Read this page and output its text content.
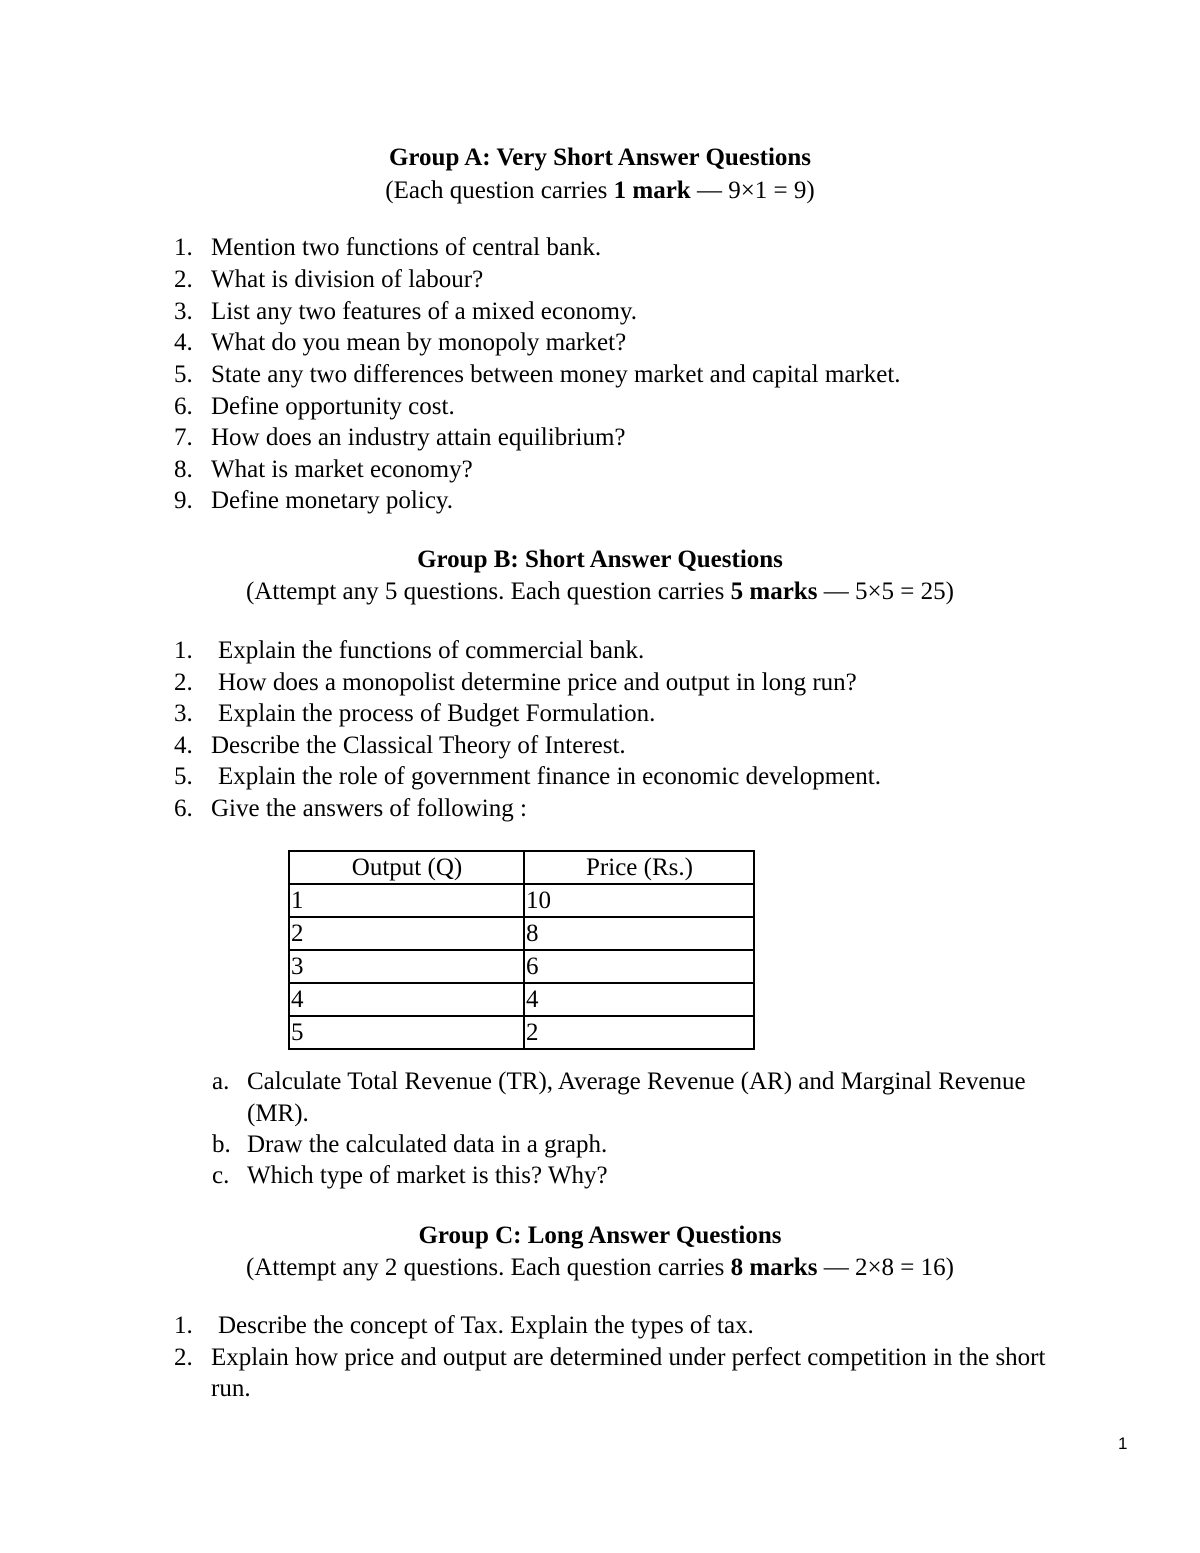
Group A: Very Short Answer Questions
(Each question carries 1 mark — 9×1 = 9)
1. Mention two functions of central bank.
2. What is division of labour?
3. List any two features of a mixed economy.
4. What do you mean by monopoly market?
5. State any two differences between money market and capital market.
6. Define opportunity cost.
7. How does an industry attain equilibrium?
8. What is market economy?
9. Define monetary policy.
Group B: Short Answer Questions
(Attempt any 5 questions. Each question carries 5 marks — 5×5 = 25)
1. Explain the functions of commercial bank.
2. How does a monopolist determine price and output in long run?
3. Explain the process of Budget Formulation.
4. Describe the Classical Theory of Interest.
5. Explain the role of government finance in economic development.
6. Give the answers of following :
Output (Q)	Price (Rs.)
1	10
2	8
3	6
4	4
5	2
a. Calculate Total Revenue (TR), Average Revenue (AR) and Marginal Revenue
(MR).
b. Draw the calculated data in a graph.
c. Which type of market is this? Why?
Group C: Long Answer Questions
(Attempt any 2 questions. Each question carries 8 marks — 2×8 = 16)
1. Describe the concept of Tax. Explain the types of tax.
2. Explain how price and output are determined under perfect competition in the short
run.
1
